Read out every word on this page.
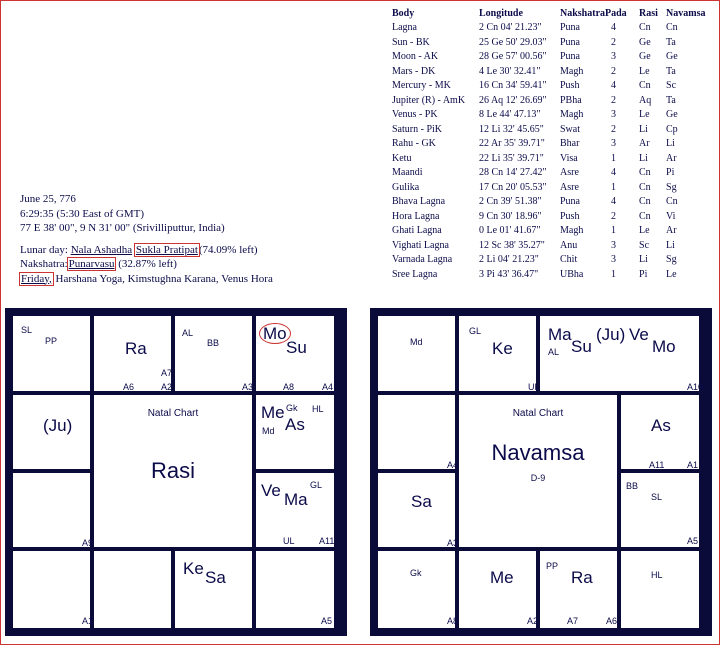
June 25, 776
6:29:35 (5:30 East of GMT)
77 E 38' 00", 9 N 31' 00" (Srivilliputtur, India)
Lunar day: Nala Ashadha Sukla Pratipat(74.09% left)
Nakshatra:Punarvasu (32.87% left)
Friday, Harshana Yoga, Kimstughna Karana, Venus Hora
Body	Longitude	Nakshatra	Pada	Rasi	Navamsa
Lagna	2 Cn 04' 21.23"	Puna	4	Cn	Cn
Sun - BK	25 Ge 50' 29.03"	Puna	2	Ge	Ta
Moon - AK	28 Ge 57' 00.56"	Puna	3	Ge	Ge
Mars - DK	4 Le 30' 32.41"	Magh	2	Le	Ta
Mercury - MK	16 Cn 34' 59.41"	Push	4	Cn	Sc
Jupiter (R) - AmK	26 Aq 12' 26.69"	PBha	2	Aq	Ta
Venus - PK	8 Le 44' 47.13"	Magh	3	Le	Ge
Saturn - PiK	12 Li 32' 45.65"	Swat	2	Li	Cp
Rahu - GK	22 Ar 35' 39.71"	Bhar	3	Ar	Li
Ketu	22 Li 35' 39.71"	Visa	1	Li	Ar
Maandi	28 Cn 14' 27.42"	Asre	4	Cn	Pi
Gulika	17 Cn 20' 05.53"	Asre	1	Cn	Sg
Bhava Lagna	2 Cn 39' 51.38"	Puna	4	Cn	Cn
Hora Lagna	9 Cn 30' 18.96"	Push	2	Cn	Vi
Ghati Lagna	0 Le 01' 41.67"	Magh	1	Le	Ar
Vighati Lagna	12 Sc 38' 35.27"	Anu	3	Sc	Li
Varnada Lagna	2 Li 04' 21.23"	Chit	3	Li	Sg
Sree Lagna	3 Pi 43' 36.47"	UBha	1	Pi	Le
SL
PP	Ra
A7
A6	A2
AL
BB
A3
Mo
Su
A8	A4
(Ju)
A9
Natal Chart
Rasi
Me Gk HL
Md As
Ve Ma
GL
UL	A11
A1
Ke Sa
A5
Md
GL
Ke
UL
Ma
AL Su
(Ju) Ve
Mo
A10
A4
Sa
A3
Natal Chart
Navamsa
D-9
As
A11	A1
BB
SL
A5
Gk
A8
Me
A2
PP
Ra
A7	A6
HL
